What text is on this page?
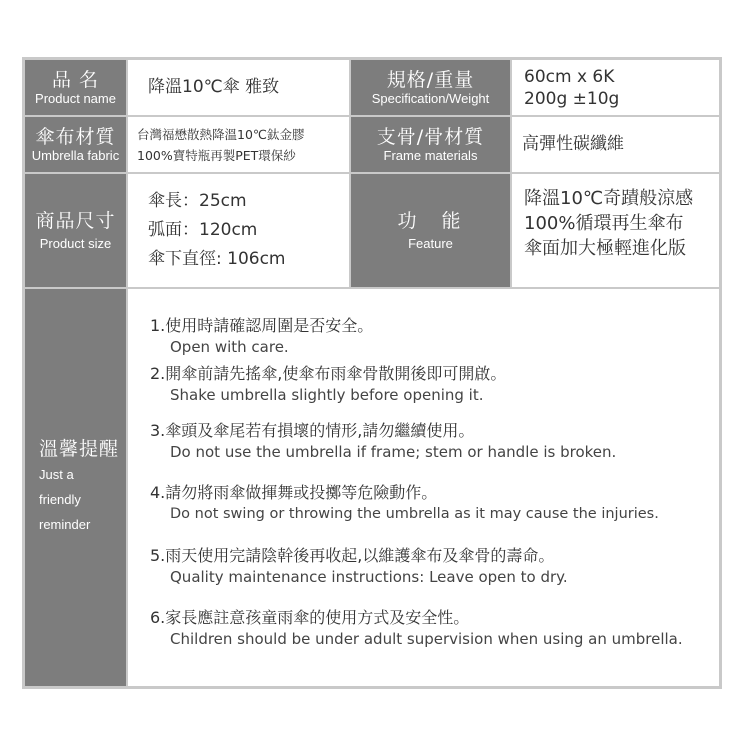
品 名
Product name
降溫10℃傘 雅致	規格/重量
Specification/Weight
60cm x 6K
200g ±10g
傘布材質
Umbrella fabric
台灣福懋散熱降溫10℃鈦金膠
100%寶特瓶再製PET環保紗
支骨/骨材質
Frame materials
高彈性碳纖維
商品尺寸
Product size
傘長：25cm
弧面：120cm
傘下直徑: 106cm
功　能
Feature
降溫10℃奇蹟般涼感
100%循環再生傘布
傘面加大極輕進化版
溫馨提醒
Just a
friendly
reminder
1.使用時請確認周圍是否安全。
Open with care.
2.開傘前請先搖傘,使傘布雨傘骨散開後即可開啟。
Shake umbrella slightly before opening it.
3.傘頭及傘尾若有損壞的情形,請勿繼續使用。
Do not use the umbrella if frame; stem or handle is broken.
4.請勿將雨傘做揮舞或投擲等危險動作。
Do not swing or throwing the umbrella as it may cause the injuries.
5.雨天使用完請陰幹後再收起,以維護傘布及傘骨的壽命。
Quality maintenance instructions: Leave open to dry.
6.家長應註意孩童雨傘的使用方式及安全性。
Children should be under adult supervision when using an umbrella.
